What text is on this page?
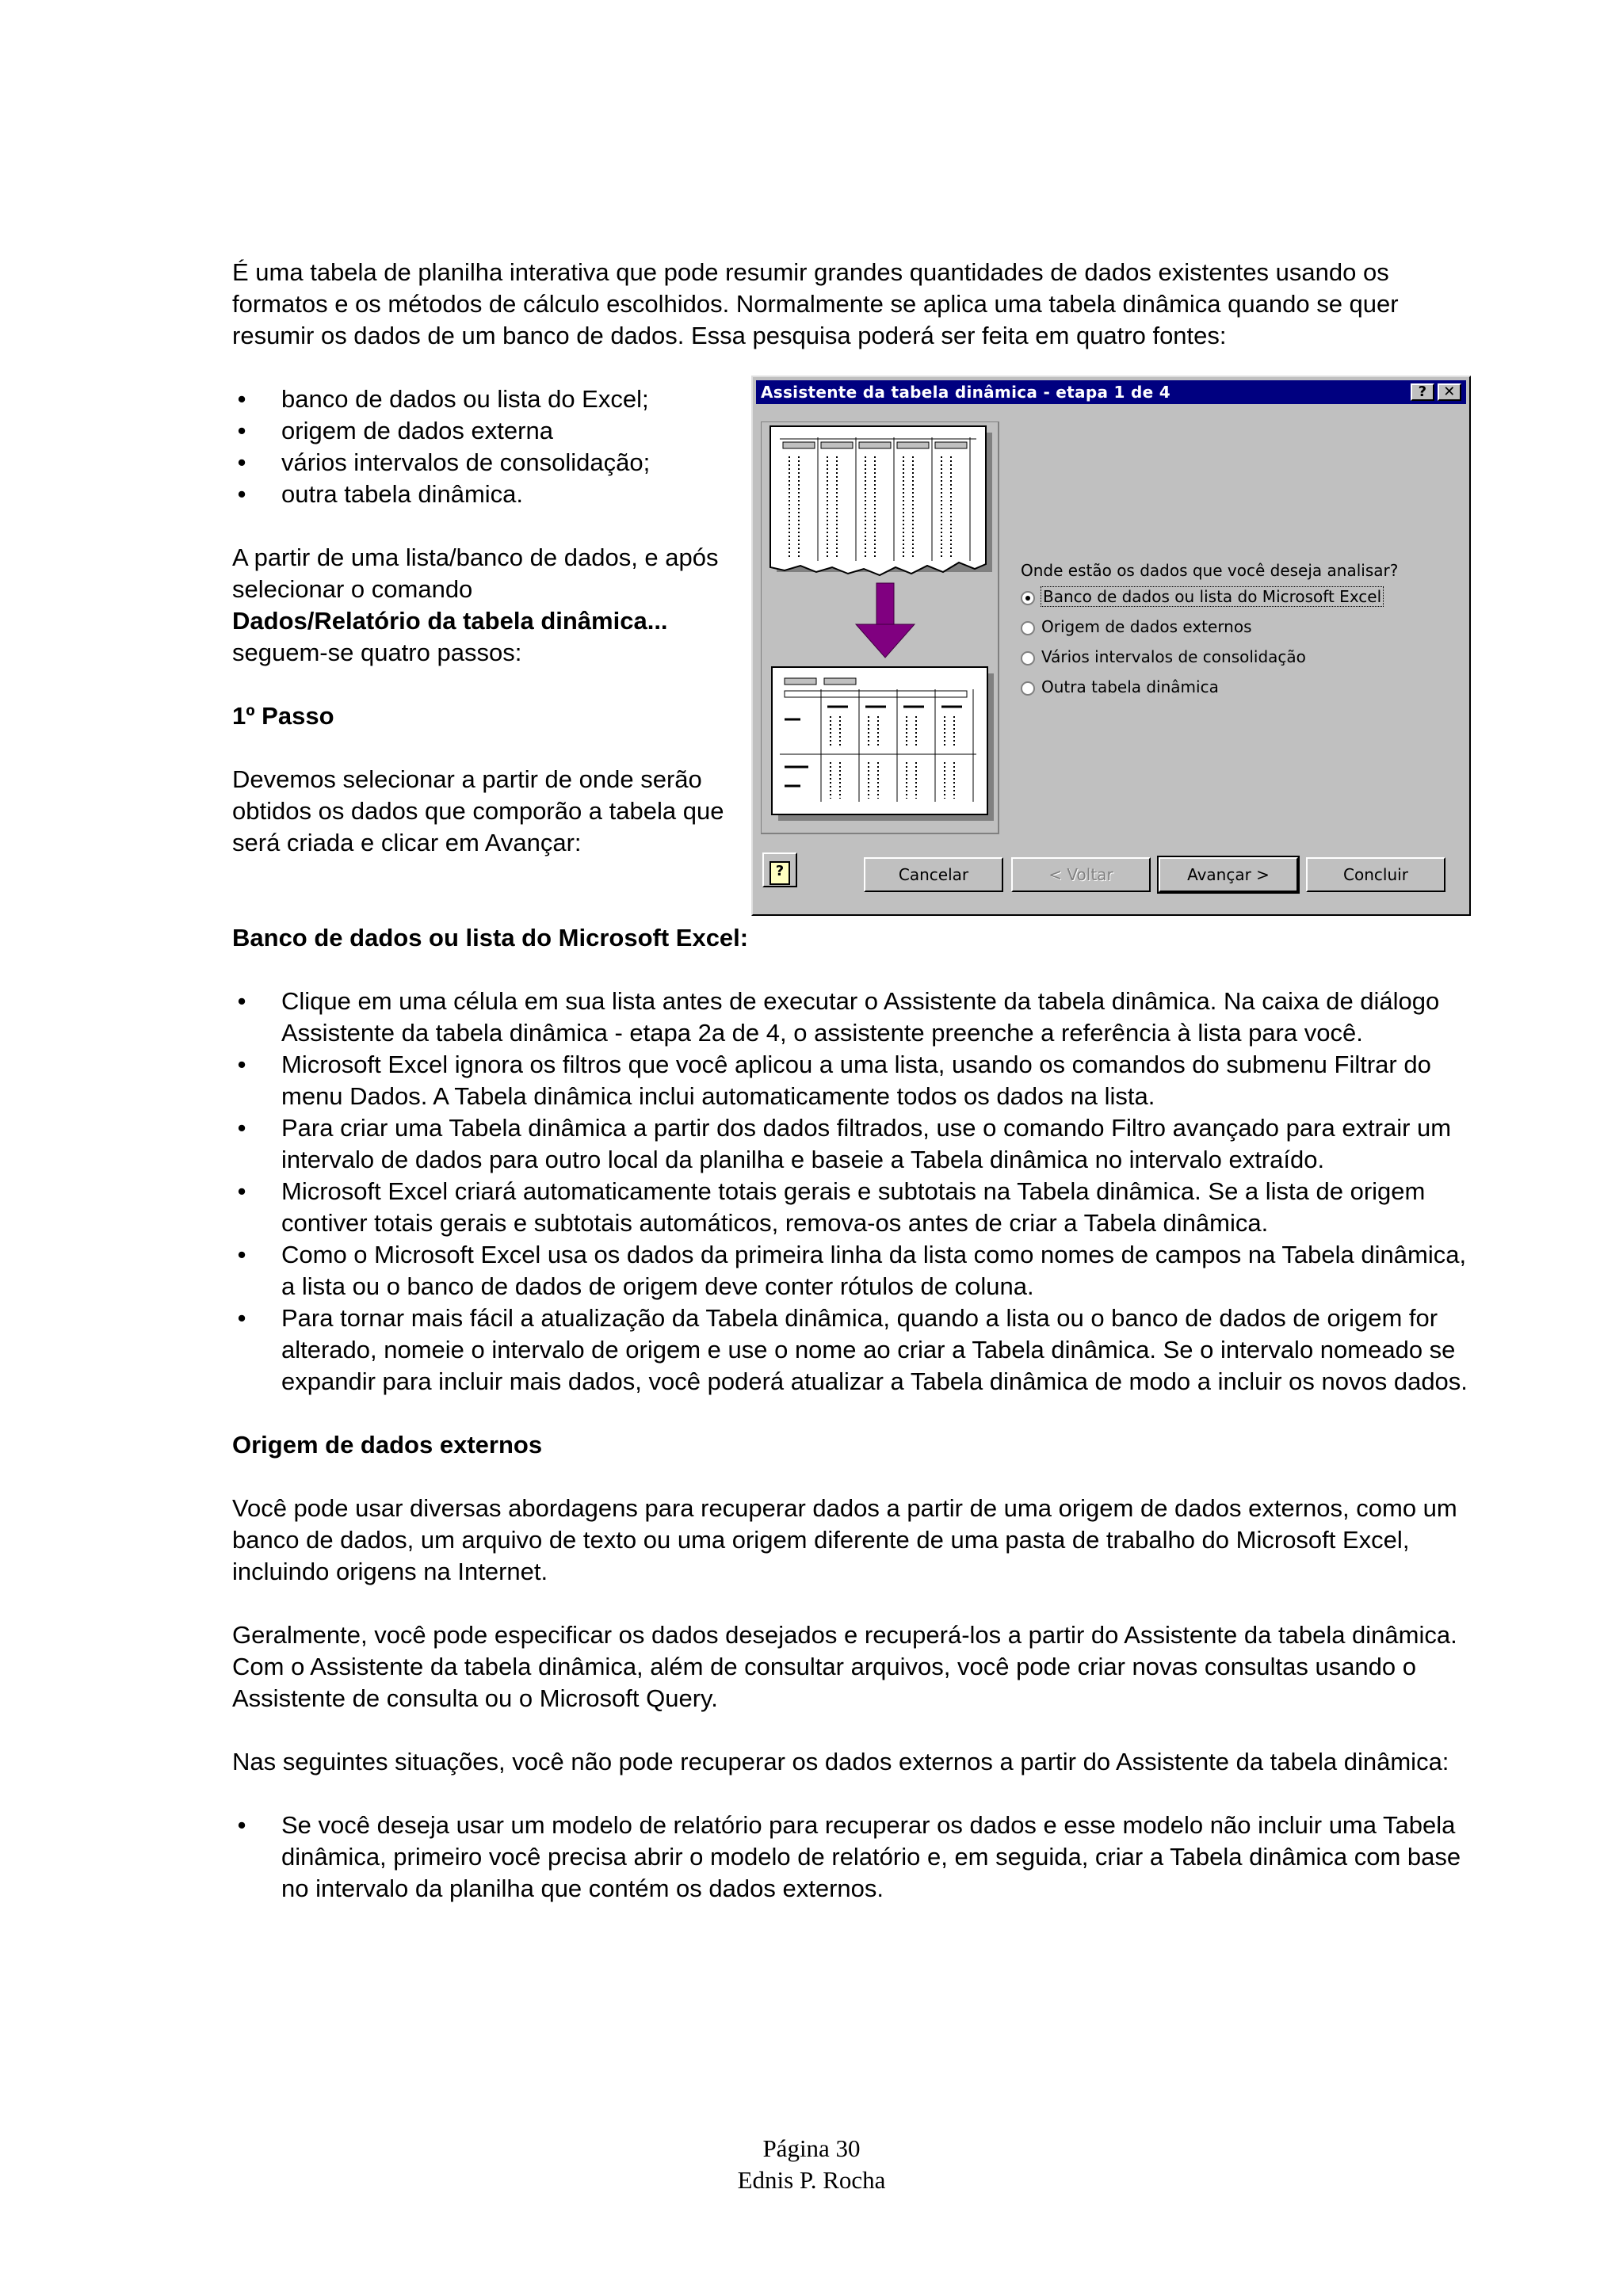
É uma tabela de planilha interativa que pode resumir grandes quantidades de dados existentes usando os formatos e os métodos de cálculo escolhidos. Normalmente se aplica uma tabela dinâmica quando se quer resumir os dados de um banco de dados. Essa pesquisa poderá ser feita em quatro fontes:

• banco de dados ou lista do Excel;
• origem de dados externa
• vários intervalos de consolidação;
• outra tabela dinâmica.

A partir de uma lista/banco de dados, e após selecionar o comando

Dados/Relatório da tabela dinâmica...

seguem-se quatro passos:

1º Passo

Devemos selecionar a partir de onde serão obtidos os dados que comporão a tabela que será criada e clicar em Avançar:

Assistente da tabela dinâmica - etapa 1 de 4	?	✕
Onde estão os dados que você deseja analisar?
Banco de dados ou lista do Microsoft Excel
Origem de dados externos
Vários intervalos de consolidação
Outra tabela dinâmica
?	Cancelar	< Voltar	Avançar >	Concluir

Banco de dados ou lista do Microsoft Excel:

• Clique em uma célula em sua lista antes de executar o Assistente da tabela dinâmica. Na caixa de diálogo Assistente da tabela dinâmica - etapa 2a de 4, o assistente preenche a referência à lista para você.
• Microsoft Excel ignora os filtros que você aplicou a uma lista, usando os comandos do submenu Filtrar do menu Dados. A Tabela dinâmica inclui automaticamente todos os dados na lista.
• Para criar uma Tabela dinâmica a partir dos dados filtrados, use o comando Filtro avançado para extrair um intervalo de dados para outro local da planilha e baseie a Tabela dinâmica no intervalo extraído.
• Microsoft Excel criará automaticamente totais gerais e subtotais na Tabela dinâmica. Se a lista de origem contiver totais gerais e subtotais automáticos, remova-os antes de criar a Tabela dinâmica.
• Como o Microsoft Excel usa os dados da primeira linha da lista como nomes de campos na Tabela dinâmica, a lista ou o banco de dados de origem deve conter rótulos de coluna.
• Para tornar mais fácil a atualização da Tabela dinâmica, quando a lista ou o banco de dados de origem for alterado, nomeie o intervalo de origem e use o nome ao criar a Tabela dinâmica. Se o intervalo nomeado se expandir para incluir mais dados, você poderá atualizar a Tabela dinâmica de modo a incluir os novos dados.

Origem de dados externos

Você pode usar diversas abordagens para recuperar dados a partir de uma origem de dados externos, como um banco de dados, um arquivo de texto ou uma origem diferente de uma pasta de trabalho do Microsoft Excel, incluindo origens na Internet.

Geralmente, você pode especificar os dados desejados e recuperá-los a partir do Assistente da tabela dinâmica. Com o Assistente da tabela dinâmica, além de consultar arquivos, você pode criar novas consultas usando o Assistente de consulta ou o Microsoft Query.

Nas seguintes situações, você não pode recuperar os dados externos a partir do Assistente da tabela dinâmica:

• Se você deseja usar um modelo de relatório para recuperar os dados e esse modelo não incluir uma Tabela dinâmica, primeiro você precisa abrir o modelo de relatório e, em seguida, criar a Tabela dinâmica com base no intervalo da planilha que contém os dados externos.
Página 30
Ednis P. Rocha
